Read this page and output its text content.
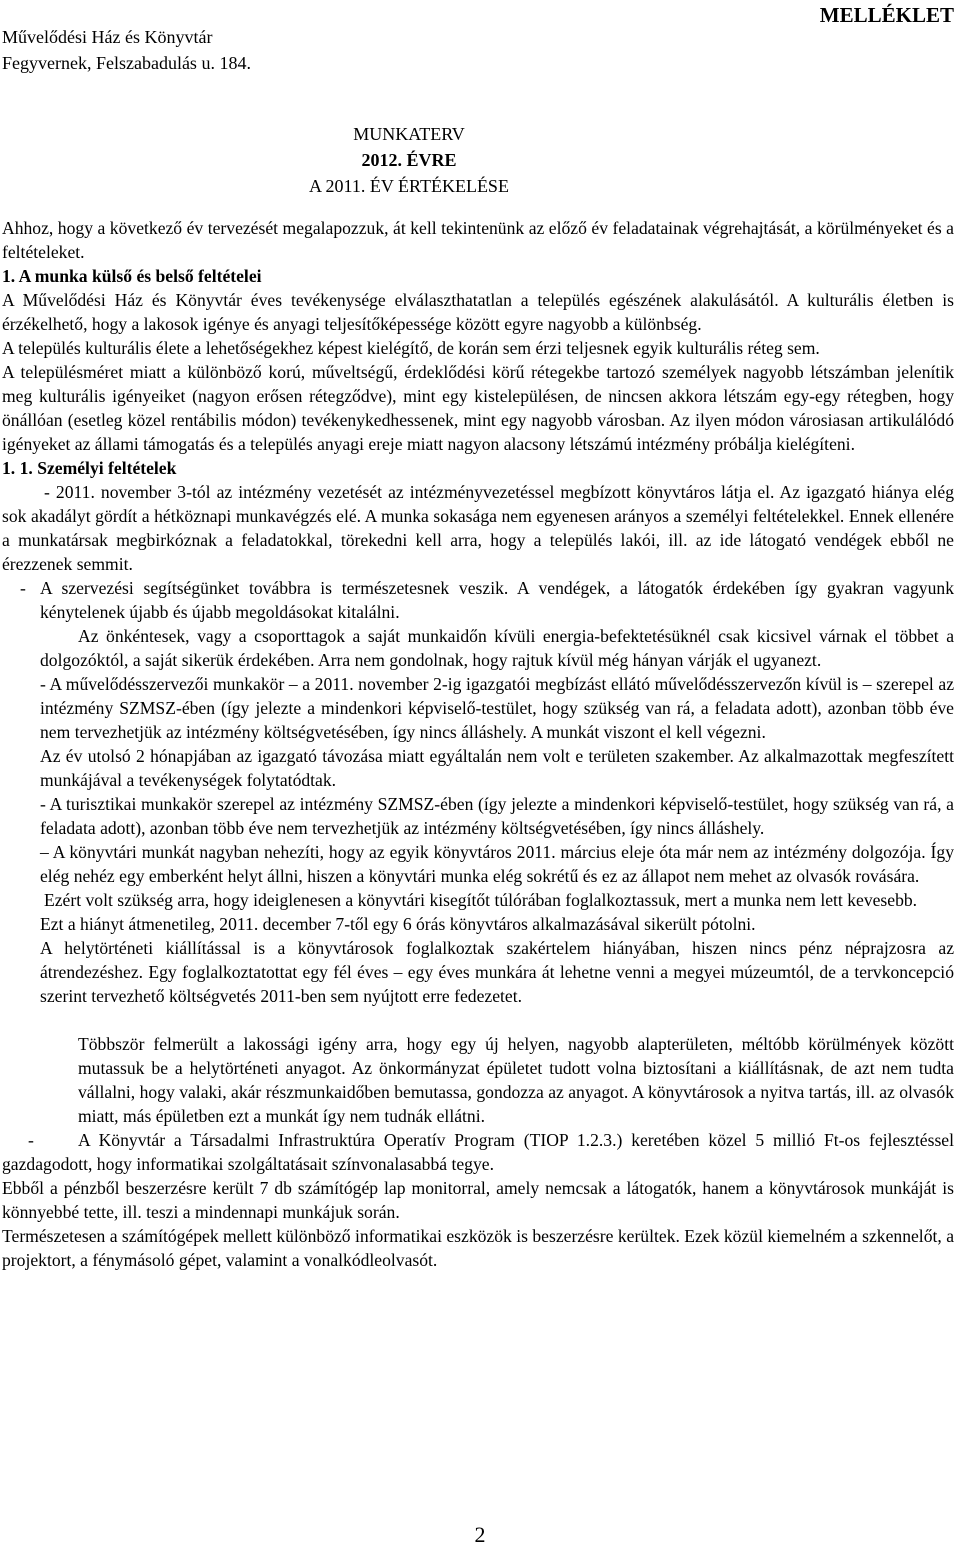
Művelődési Ház és Könyvtár
Fegyvernek, Felszabadulás u. 184.
MELLÉKLET
MUNKATERV
2012. ÉVRE
A 2011. ÉV ÉRTÉKELÉSE

Ahhoz, hogy a következő év tervezését megalapozzuk, át kell tekintenünk az előző év feladatainak végrehajtását, a körülményeket és a feltételeket.

1. A munka külső és belső feltételei

A Művelődési Ház és Könyvtár éves tevékenysége elválaszthatatlan a település egészének alakulásától. A kulturális életben is érzékelhető, hogy a lakosok igénye és anyagi teljesítőképessége között egyre nagyobb a különbség.

A település kulturális élete a lehetőségekhez képest kielégítő, de korán sem érzi teljesnek egyik kulturális réteg sem.

A településméret miatt a különböző korú, műveltségű, érdeklődési körű rétegekbe tartozó személyek nagyobb létszámban jelenítik meg kulturális igényeiket (nagyon erősen rétegződve), mint egy kistelepülésen, de nincsen akkora létszám egy-egy rétegben, hogy önállóan (esetleg közel rentábilis módon) tevékenykedhessenek, mint egy nagyobb városban. Az ilyen módon városiasan artikulálódó igényeket az állami támogatás és a település anyagi ereje miatt nagyon alacsony létszámú intézmény próbálja kielégíteni.

1. 1. Személyi feltételek

- 2011. november 3-tól az intézmény vezetését az intézményvezetéssel megbízott könyvtáros látja el. Az igazgató hiánya elég sok akadályt gördít a hétköznapi munkavégzés elé. A munka sokasága nem egyenesen arányos a személyi feltételekkel. Ennek ellenére a munkatársak megbirkóznak a feladatokkal, törekedni kell arra, hogy a település lakói, ill. az ide látogató vendégek ebből ne érezzenek semmit.

- A szervezési segítségünket továbbra is természetesnek veszik. A vendégek, a látogatók érdekében így gyakran vagyunk kénytelenek újabb és újabb megoldásokat kitalálni.

Az önkéntesek, vagy a csoporttagok a saját munkaidőn kívüli energia-befektetésüknél csak kicsivel várnak el többet a dolgozóktól, a saját sikerük érdekében. Arra nem gondolnak, hogy rajtuk kívül még hányan várják el ugyanezt.

- A művelődésszervezői munkakör – a 2011. november 2-ig igazgatói megbízást ellátó művelődésszervezőn kívül is – szerepel az intézmény SZMSZ-ében (így jelezte a mindenkori képviselő-testület, hogy szükség van rá, a feladata adott), azonban több éve nem tervezhetjük az intézmény költségvetésében, így nincs álláshely. A munkát viszont el kell végezni.

Az év utolsó 2 hónapjában az igazgató távozása miatt egyáltalán nem volt e területen szakember. Az alkalmazottak megfeszített munkájával a tevékenységek folytatódtak.

- A turisztikai munkakör szerepel az intézmény SZMSZ-ében (így jelezte a mindenkori képviselő-testület, hogy szükség van rá, a feladata adott), azonban több éve nem tervezhetjük az intézmény költségvetésében, így nincs álláshely.

– A könyvtári munkát nagyban nehezíti, hogy az egyik könyvtáros 2011. március eleje óta már nem az intézmény dolgozója. Így elég nehéz egy emberként helyt állni, hiszen a könyvtári munka elég sokrétű és ez az állapot nem mehet az olvasók rovására.

Ezért volt szükség arra, hogy ideiglenesen a könyvtári kisegítőt túlórában foglalkoztassuk, mert a munka nem lett kevesebb.

Ezt a hiányt átmenetileg, 2011. december 7-től egy 6 órás könyvtáros alkalmazásával sikerült pótolni.

A helytörténeti kiállítással is a könyvtárosok foglalkoztak szakértelem hiányában, hiszen nincs pénz néprajzosra az átrendezéshez. Egy foglalkoztatottat egy fél éves – egy éves munkára át lehetne venni a megyei múzeumtól, de a tervkoncepció szerint tervezhető költségvetés 2011-ben sem nyújtott erre fedezetet.

Többször felmerült a lakossági igény arra, hogy egy új helyen, nagyobb alapterületen, méltóbb körülmények között mutassuk be a helytörténeti anyagot. Az önkormányzat épületet tudott volna biztosítani a kiállításnak, de azt nem tudta vállalni, hogy valaki, akár részmunkaidőben bemutassa, gondozza az anyagot. A könyvtárosok a nyitva tartás, ill. az olvasók miatt, más épületben ezt a munkát így nem tudnák ellátni.

-	A Könyvtár a Társadalmi Infrastruktúra Operatív Program (TIOP 1.2.3.) keretében közel 5 millió Ft-os fejlesztéssel gazdagodott, hogy informatikai szolgáltatásait színvonalasabbá tegye.

Ebből a pénzből beszerzésre került 7 db számítógép lap monitorral, amely nemcsak a látogatók, hanem a könyvtárosok munkáját is könnyebbé tette, ill. teszi a mindennapi munkájuk során.

Természetesen a számítógépek mellett különböző informatikai eszközök is beszerzésre kerültek. Ezek közül kiemelném a szkennelőt, a projektort, a fénymásoló gépet, valamint a vonalkódleolvasót.

2
